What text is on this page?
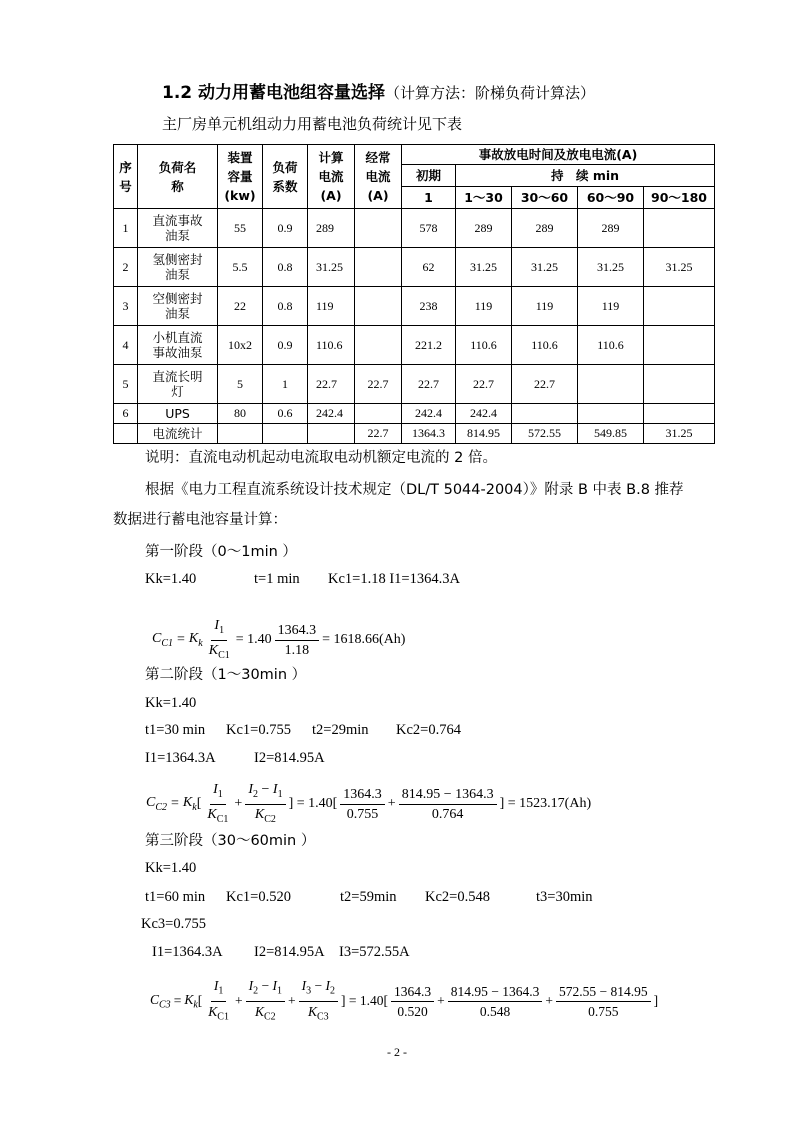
1.2 动力用蓄电池组容量选择（计算方法：阶梯负荷计算法）
主厂房单元机组动力用蓄电池负荷统计见下表
序号	负荷名称	装置容量(kw)	负荷系数	计算电流(A)	经常电流(A)	事故放电时间及放电电流(A)				
						初期	持　续 min			
						1	1～30	30～60	60～90	90～180
1	直流事故油泵	55	0.9	289		578	289	289	289	
2	氢侧密封油泵	5.5	0.8	31.25		62	31.25	31.25	31.25	31.25
3	空侧密封油泵	22	0.8	119		238	119	119	119	
4	小机直流事故油泵	10x2	0.9	110.6		221.2	110.6	110.6	110.6	
5	直流长明灯	5	1	22.7	22.7	22.7	22.7	22.7		
6	UPS	80	0.6	242.4		242.4	242.4			
	电流统计				22.7	1364.3	814.95	572.55	549.85	31.25
说明：直流电动机起动电流取电动机额定电流的 2 倍。
根据《电力工程直流系统设计技术规定（DL/T 5044-2004）》附录 B 中表 B.8 推荐
数据进行蓄电池容量计算：
第一阶段（0～1min ）
Kk=1.40	t=1 min Kc1=1.18 I1=1364.3A
$C_{C1} = K_k \frac{I_1}{K_{C1}} = 1.40 \frac{1364.3}{1.18} = 1618.66(Ah)$
第二阶段（1～30min ）
Kk=1.40
t1=30 min Kc1=0.755 t2=29min Kc2=0.764
I1=1364.3A	I2=814.95A
$C_{C2} = K_k$ [ $\frac{I_1}{K_{C1}} + \frac{I_2 - I_1}{K_{C2}}$ ] = $1.40[ \frac{1364.3}{0.755} + \frac{814.95 - 1364.3}{0.764}$ ] = 1523.17(Ah)
第三阶段（30～60min ）
Kk=1.40
t1=60 min Kc1=0.520	t2=59min Kc2=0.548	t3=30min
Kc3=0.755
I1=1364.3A I2=814.95A I3=572.55A
$C_{C3} = K_k$ [ $\frac{I_1}{K_{C1}} + \frac{I_2 - I_1}{K_{C2}} + \frac{I_3 - I_2}{K_{C3}}$ ] = $1.40[ \frac{1364.3}{0.520} + \frac{814.95 - 1364.3}{0.548} + \frac{572.55 - 814.95}{0.755}$ ]
- 2 -
